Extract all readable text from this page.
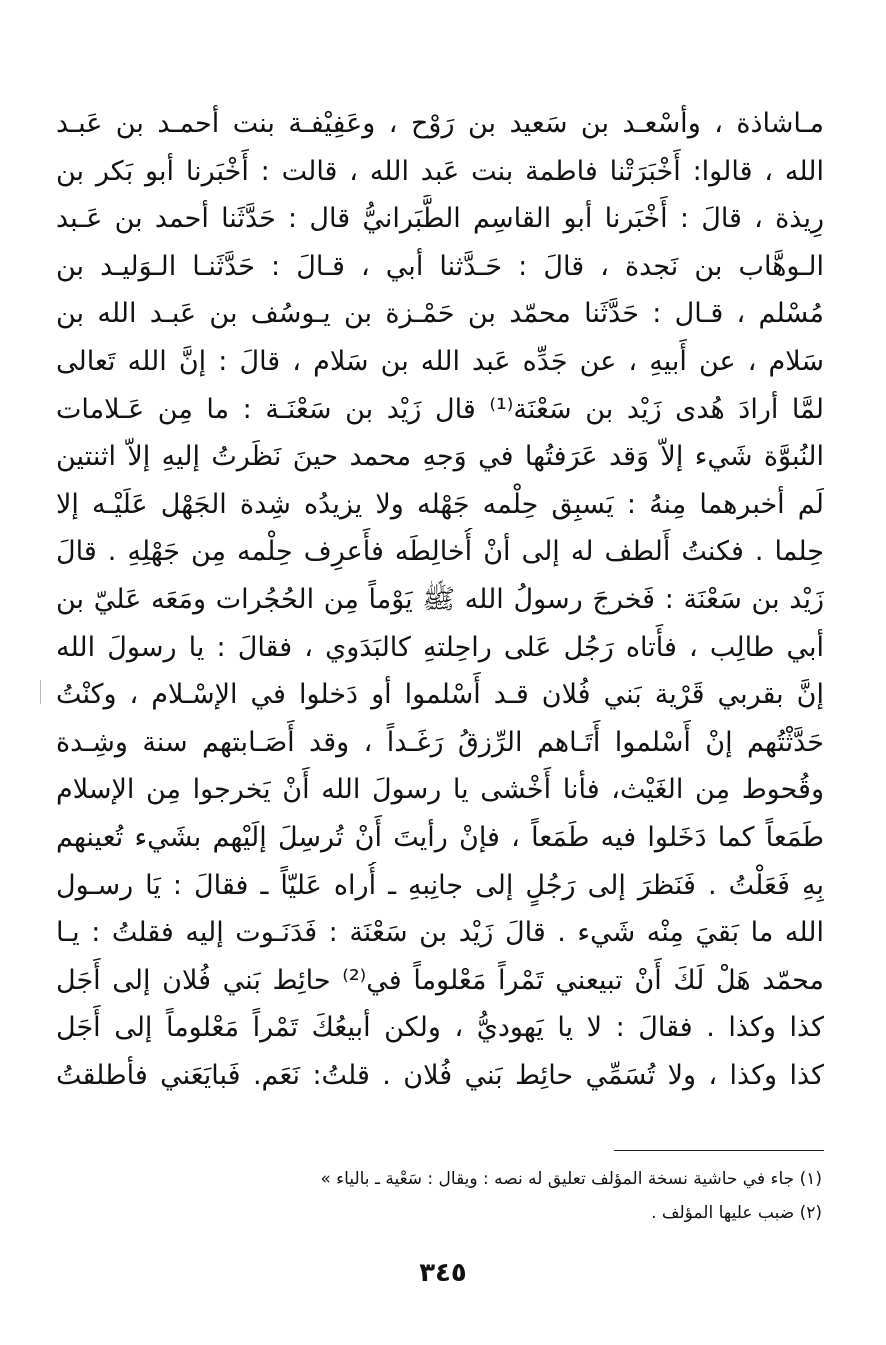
مـاشاذة ، وأسْعـد بن سَعيد بن رَوْح ، وعَفِيْفـة بنت أحمـد بن عَبـد
الله ، قالوا: أَخْبَرَتْنا فاطمة بنت عَبد الله ، قالت : أَخْبَرنا أبو بَكر بن
رِيذة ، قالَ : أَخْبَرنا أبو القاسِم الطَّبَرانيُّ قال : حَدَّثَنا أحمد بن عَـبد
الـوهَّاب بن نَجدة ، قالَ : حَـدَّثنا أبي ، قـالَ : حَدَّثَنـا الـوَليـد بن
مُسْلم ، قـال : حَدَّثَنا محمّد بن حَمْـزة بن يـوسُف بن عَبـد الله بن
سَلام ، عن أَبيهِ ، عن جَدِّه عَبد الله بن سَلام ، قالَ : إنَّ الله تَعالى
لمَّا أرادَ هُدى زَيْد بن سَعْنَة⁽¹⁾ قال زَيْد بن سَعْنَـة : ما مِن عَـلامات
النُبوَّة شَيء إلاّ وَقد عَرَفتُها في وَجهِ محمد حينَ نَظَرتُ إليهِ إلاّ اثنتين
لَم أخبرهما مِنهُ : يَسبِق حِلْمه جَهْله ولا يزيدُه شِدة الجَهْل عَلَيْـه إلا
حِلما . فكنتُ أَلطف له إلى أنْ أُخالِطَه فأَعرِف حِلْمه مِن جَهْلِهِ . قالَ
زَيْد بن سَعْنَة : فَخرجَ رسولُ الله ﷺ يَوْماً مِن الحُجُرات ومَعَه عَليّ بن
أبي طالِب ، فأَتاه رَجُل عَلى راحِلتهِ كالبَدَوي ، فقالَ : يا رسولَ الله
إنَّ بقربي قَرْية بَني فُلان قـد أَسْلموا أو دَخلوا في الإسْـلام ، وكنْتُ
حَدَّثْتُهم إنْ أَسْلموا أَتَـاهم الرِّزقُ رَغَـداً ، وقد أَصَـابتهم سنة وشِـدة
وقُحوط مِن الغَيْث، فأنا أَخْشى يا رسولَ الله أَنْ يَخرجوا مِن الإسلام
طَمَعاً كما دَخَلوا فيه طَمَعاً ، فإنْ رأيتَ أَنْ تُرسِلَ إلَيْهم بشَيء تُعينهم
بِهِ فَعَلْتُ . فَنَظرَ إلى رَجُلٍ إلى جانِبهِ ـ أُراه عَليّاً ـ فقالَ : يَا رسـول
الله ما بَقيَ مِنْه شَيء . قالَ زَيْد بن سَعْنَة : فَدَنَـوت إليه فقلتُ : يـا
محمّد هَلْ لَكَ أَنْ تبيعني تَمْراً مَعْلوماً في⁽²⁾ حائِط بَني فُلان إلى أَجَل
كذا وكذا . فقالَ : لا يا يَهوديُّ ، ولكن أبيعُكَ تَمْراً مَعْلوماً إلى أَجَل
كذا وكذا ، ولا تُسَمِّي حائِط بَني فُلان . قلتُ: نَعَم. فَبايَعَني فأطلقتُ
(١) جاء في حاشية نسخة المؤلف تعليق له نصه : ويقال : سَعْية ـ بالياء »
(٢) ضبب عليها المؤلف .
٣٤٥
